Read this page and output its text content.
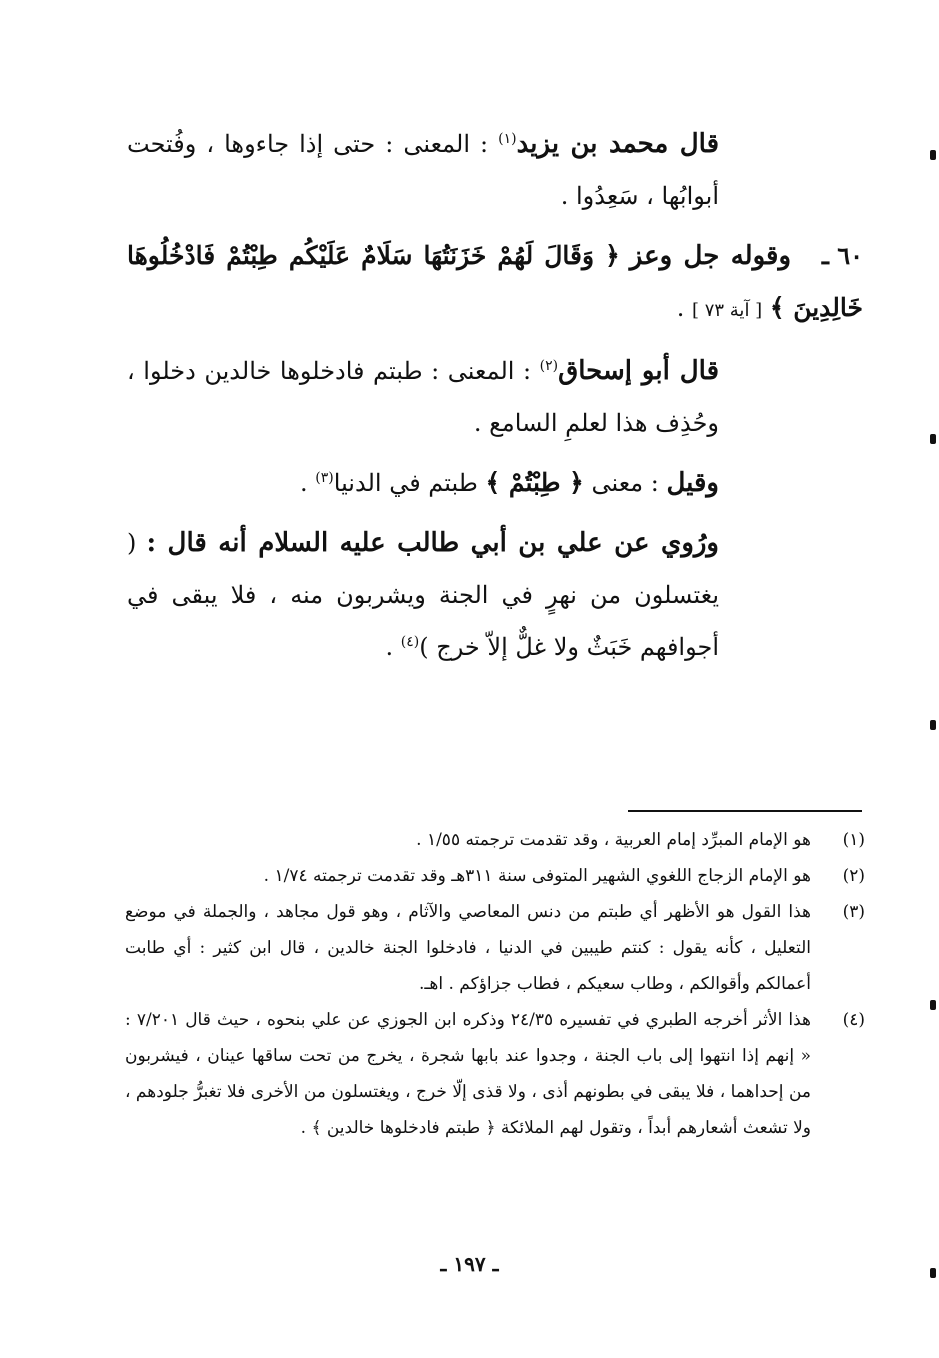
قال محمد بن يزيد$^{(١)}$ : المعنى : حتى إذا جاءوها ، وفُتحت أبوابُها ، سَعِدُوا .

٦٠ ـوقوله جل وعز ﴿ وَقَالَ لَهُمْ خَزَنَتُهَا سَلَامٌ عَلَيْكُم طِبْتُمْ فَادْخُلُوهَا خَالِدِينَ ﴾ [ آية ٧٣ ] .

قال أبو إسحاق$^{(٢)}$ : المعنى : طبتم فادخلوها خالدين دخلوا ، وحُذِف هذا لعلمِ السامع .

وقيل : معنى ﴿ طِبْتُمْ ﴾ طبتم في الدنيا$^{(٣)}$ .

ورُوي عن علي بن أبي طالب عليه السلام أنه قال : ( يغتسلون من نهرٍ في الجنة ويشربون منه ، فلا يبقى في أجوافهم خَبَثٌ ولا غلٌّ إلاّ خرج )$^{(٤)}$ .

(١)
هو الإمام المبرِّد إمام العربية ، وقد تقدمت ترجمته ١/٥٥ .
(٢)
هو الإمام الزجاج اللغوي الشهير المتوفى سنة ٣١١هـ وقد تقدمت ترجمته ١/٧٤ .
(٣)
هذا القول هو الأظهر أي طبتم من دنس المعاصي والآثام ، وهو قول مجاهد ، والجملة في موضع التعليل ، كأنه يقول : كنتم طيبين في الدنيا ، فادخلوا الجنة خالدين ، قال ابن كثير : أي طابت أعمالكم وأقوالكم ، وطاب سعيكم ، فطاب جزاؤكم . اهـ.
(٤)
هذا الأثر أخرجه الطبري في تفسيره ٢٤/٣٥ وذكره ابن الجوزي عن علي بنحوه ، حيث قال ٧/٢٠١ : « إنهم إذا انتهوا إلى باب الجنة ، وجدوا عند بابها شجرة ، يخرج من تحت ساقها عينان ، فيشربون من إحداهما ، فلا يبقى في بطونهم أذى ، ولا قذى إلّا خرج ، ويغتسلون من الأخرى فلا تغبرُّ جلودهم ، ولا تشعث أشعارهم أبداً ، وتقول لهم الملائكة ﴿ طبتم فادخلوها خالدين ﴾ .
ـ ١٩٧ ـ
